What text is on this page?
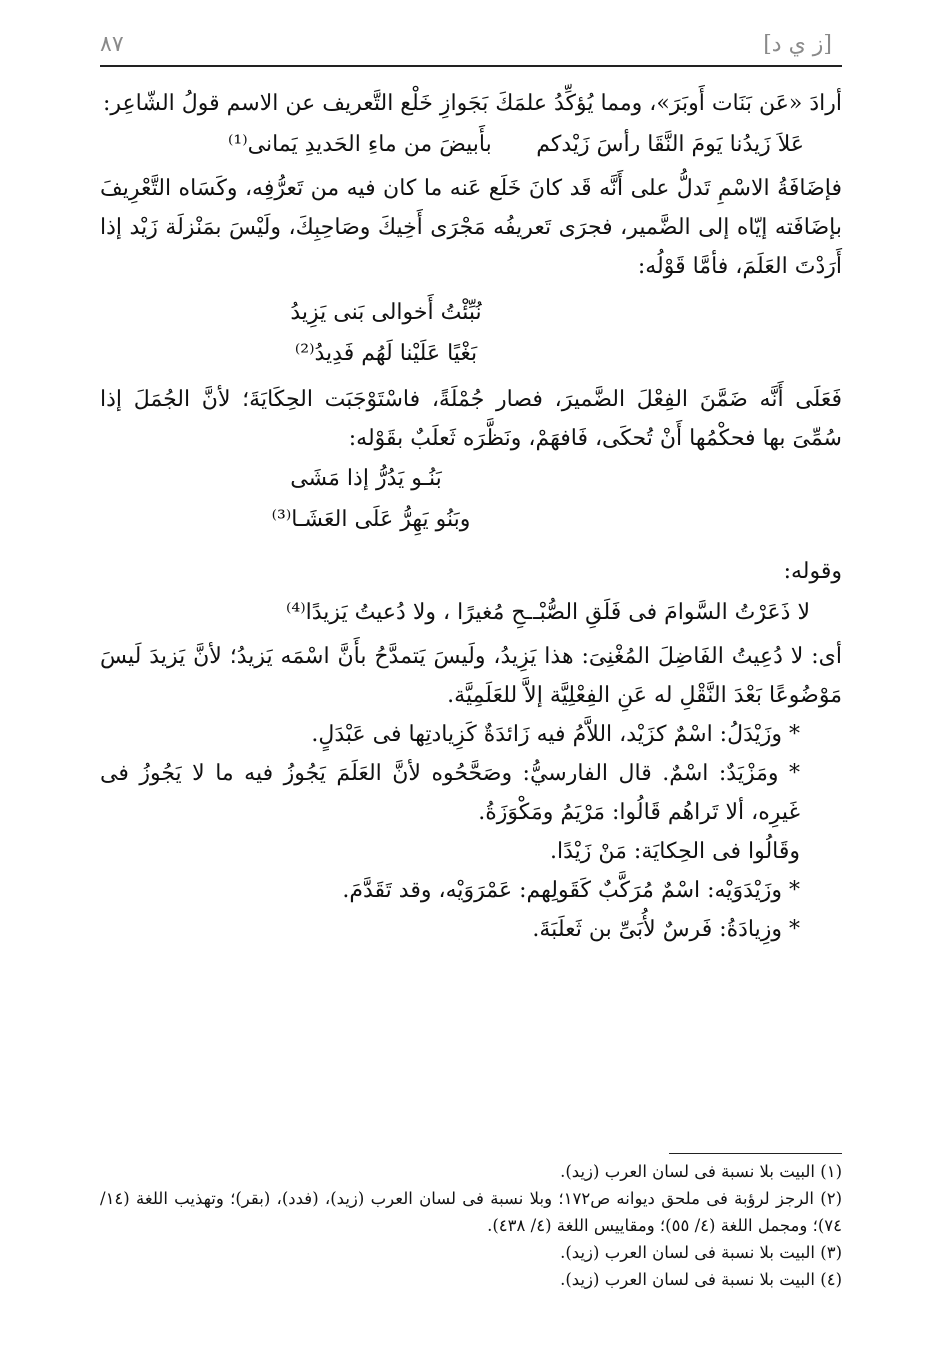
[ز ي د]
٨٧

أرادَ «عَن بَنَات أَوبَرَ»، ومما يُؤكِّدُ علمَكَ بَجَوازِ خَلْع التَّعريف عن الاسم قولُ الشّاعِر:

عَلاَ زَيدُنا يَومَ النَّقَا رأسَ زَيْدكم
بأَبيضَ من ماءِ الحَديدِ يَمانى⁽¹⁾

فإضَافَةُ الاسْمِ تَدلُّ على أَنَّه قَد كانَ خَلَع عَنه ما كان فيه من تَعرُّفِه، وكَسَاه التَّعْرِيفَ بإضَافَته إيّاه إلى الضَّمير، فجرَى تَعريفُه مَجْرَى أَخِيكَ وصَاحِبِكَ، ولَيْسَ بمَنْزلَة زَيْد إذا أَرَدْتَ العَلَمَ، فأمَّا قَوْلُه:

نُبِّئْتُ أَخوالى بَنى يَزِيدُ
بَغْيًا عَلَيْنا لَهُم فَدِيدُ⁽²⁾

فَعَلَى أَنَّه ضَمَّنَ الفِعْلَ الضَّميرَ، فصار جُمْلَةً، فاسْتَوْجَبَت الحِكَايَةَ؛ لأنَّ الجُمَلَ إذا سُمِّىَ بها فحكْمُها أَنْ تُحكَى، فَافهَمْ، ونَظَّرَه ثَعلَبٌ بقَوْله:

بَنُـو يَدُرُّ إذا مَشَى
وبَنُو يَهِرُّ عَلَى العَشَـا⁽³⁾

وقوله:

لا ذَعَرْتُ السَّوامَ فى فَلَقِ الصُّبْـ
ـحِ مُغيرًا ، ولا دُعيتُ يَزيدًا⁽⁴⁾

أى: لا دُعِيتُ الفَاضِلَ المُغْنِىَ: هذا يَزِيدُ، ولَيسَ يَتمدَّحُ بأَنَّ اسْمَه يَزيدُ؛ لأنَّ يَزيدَ لَيسَ مَوْضُوعًا بَعْدَ النَّقْلِ له عَنِ الفِعْلِيَّة إلاَّ للعَلَمِيَّة.

* وزَيْدَلُ: اسْمٌ كزَيْد، اللاَّمُ فيه زَائدَةٌ كَزِيادتِها فى عَبْدَلٍ.

* ومَزْيَدٌ: اسْمٌ. قال الفارسيُّ: وصَحَّحُوه لأنَّ العَلَمَ يَجُوزُ فيه ما لا يَجُوزُ فى غَيرِه، ألا تَراهُم قَالُوا: مَرْيَمُ ومَكْوَزَةُ.

وقَالُوا فى الحِكايَة: مَنْ زَيْدًا.

* وزَيْدَوَيْه: اسْمٌ مُرَكَّبٌ كَقَولِهم: عَمْرَوَيْه، وقد تَقَدَّمَ.

* وزِيادَةُ: فَرسٌ لأُبَىِّ بن ثَعلَبَةَ.

(١) البيت بلا نسبة فى لسان العرب (زيد).

(٢) الرجز لرؤبة فى ملحق ديوانه ص١٧٢؛ وبلا نسبة فى لسان العرب (زيد)، (فدد)، (بقر)؛ وتهذيب اللغة (١٤/ ٧٤)؛ ومجمل اللغة (٤/ ٥٥)؛ ومقاييس اللغة (٤/ ٤٣٨).

(٣) البيت بلا نسبة فى لسان العرب (زيد).

(٤) البيت بلا نسبة فى لسان العرب (زيد).
